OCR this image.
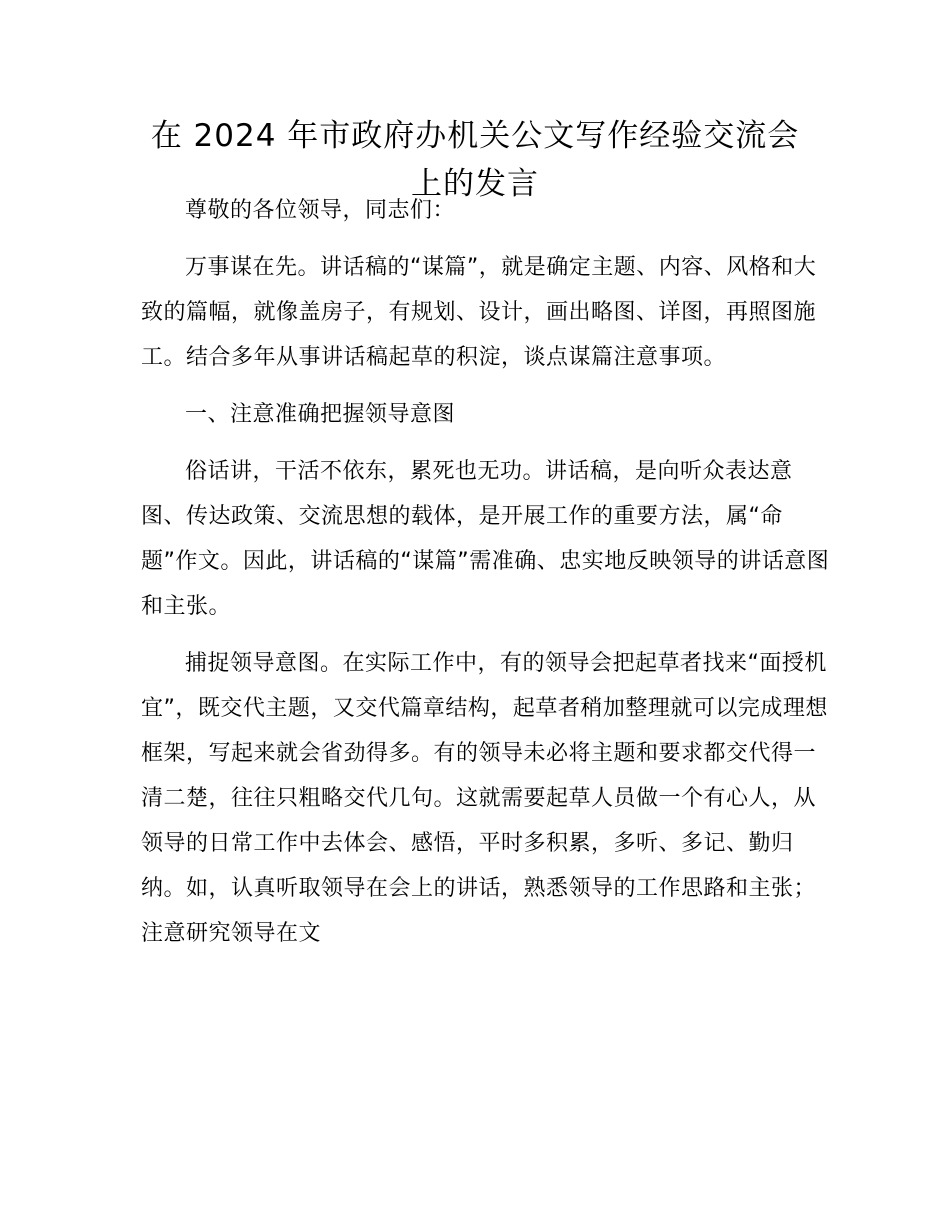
在 2024 年市政府办机关公文写作经验交流会上的发言

尊敬的各位领导，同志们：

万事谋在先。讲话稿的“谋篇”，就是确定主题、内容、风格和大致的篇幅，就像盖房子，有规划、设计，画出略图、详图，再照图施工。结合多年从事讲话稿起草的积淀，谈点谋篇注意事项。

一、注意准确把握领导意图

俗话讲，干活不依东，累死也无功。讲话稿，是向听众表达意图、传达政策、交流思想的载体，是开展工作的重要方法，属“命题”作文。因此，讲话稿的“谋篇”需准确、忠实地反映领导的讲话意图和主张。

捕捉领导意图。在实际工作中，有的领导会把起草者找来“面授机宜”，既交代主题，又交代篇章结构，起草者稍加整理就可以完成理想框架，写起来就会省劲得多。有的领导未必将主题和要求都交代得一清二楚，往往只粗略交代几句。这就需要起草人员做一个有心人，从领导的日常工作中去体会、感悟，平时多积累，多听、多记、勤归纳。如，认真听取领导在会上的讲话，熟悉领导的工作思路和主张；注意研究领导在文
